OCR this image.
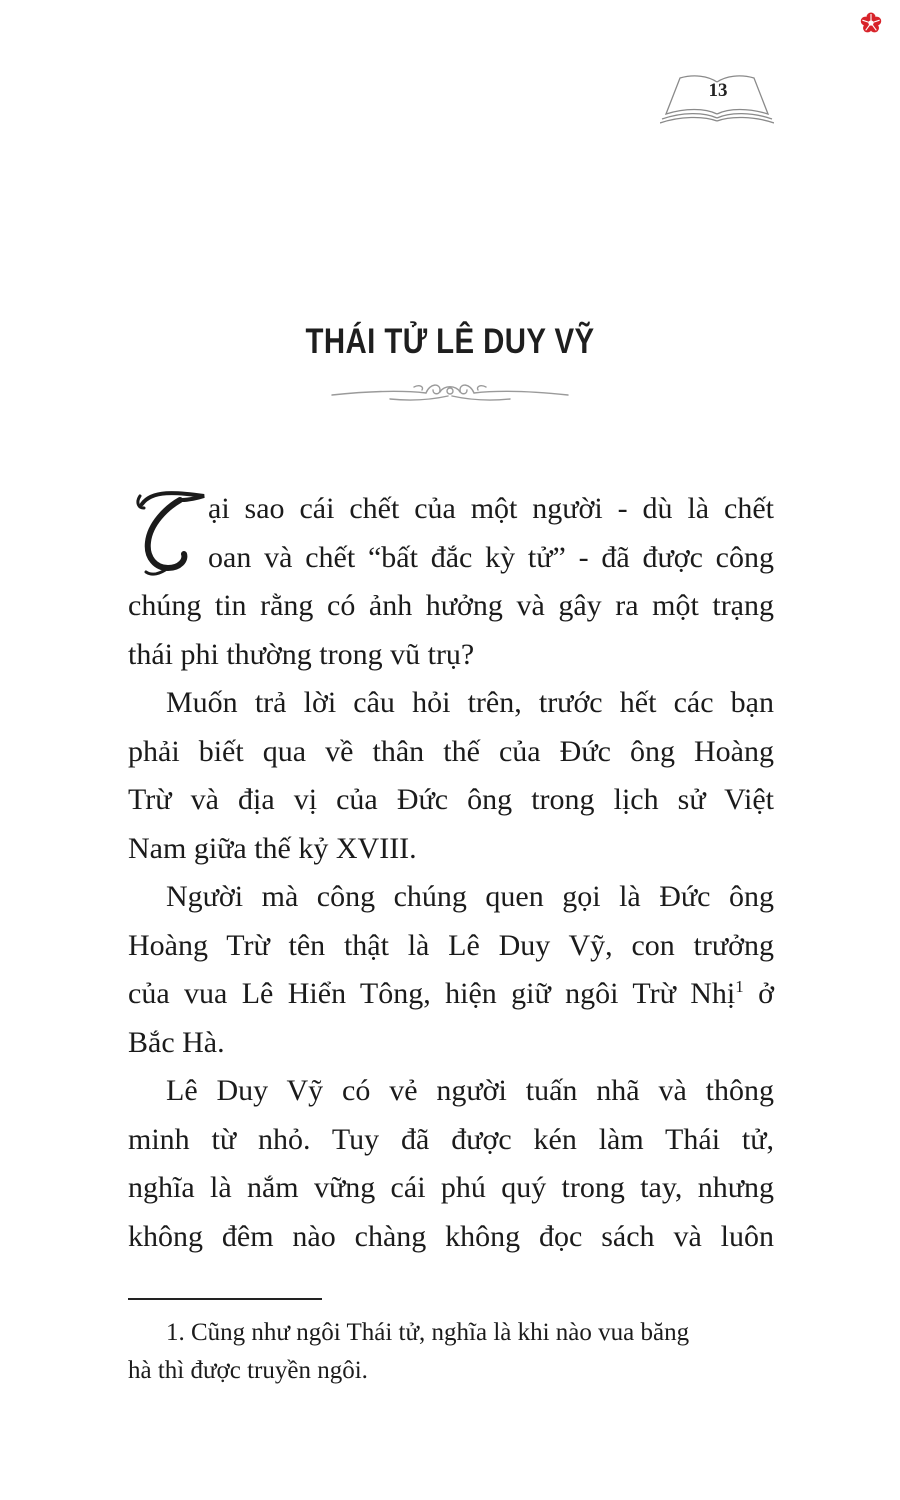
13
THÁI TỬ LÊ DUY VỸ
T
ại sao cái chết của một người - dù là chết
oan và chết “bất đắc kỳ tử” - đã được công
chúng tin rằng có ảnh hưởng và gây ra một trạng
thái phi thường trong vũ trụ?
Muốn trả lời câu hỏi trên, trước hết các bạn
phải biết qua về thân thế của Đức ông Hoàng
Trừ và địa vị của Đức ông trong lịch sử Việt
Nam giữa thế kỷ XVIII.
Người mà công chúng quen gọi là Đức ông
Hoàng Trừ tên thật là Lê Duy Vỹ, con trưởng
của vua Lê Hiển Tông, hiện giữ ngôi Trừ Nhị$^1$ ở
Bắc Hà.
Lê Duy Vỹ có vẻ người tuấn nhã và thông
minh từ nhỏ. Tuy đã được kén làm Thái tử,
nghĩa là nắm vững cái phú quý trong tay, nhưng
không đêm nào chàng không đọc sách và luôn
1. Cũng như ngôi Thái tử, nghĩa là khi nào vua băng
hà thì được truyền ngôi.
